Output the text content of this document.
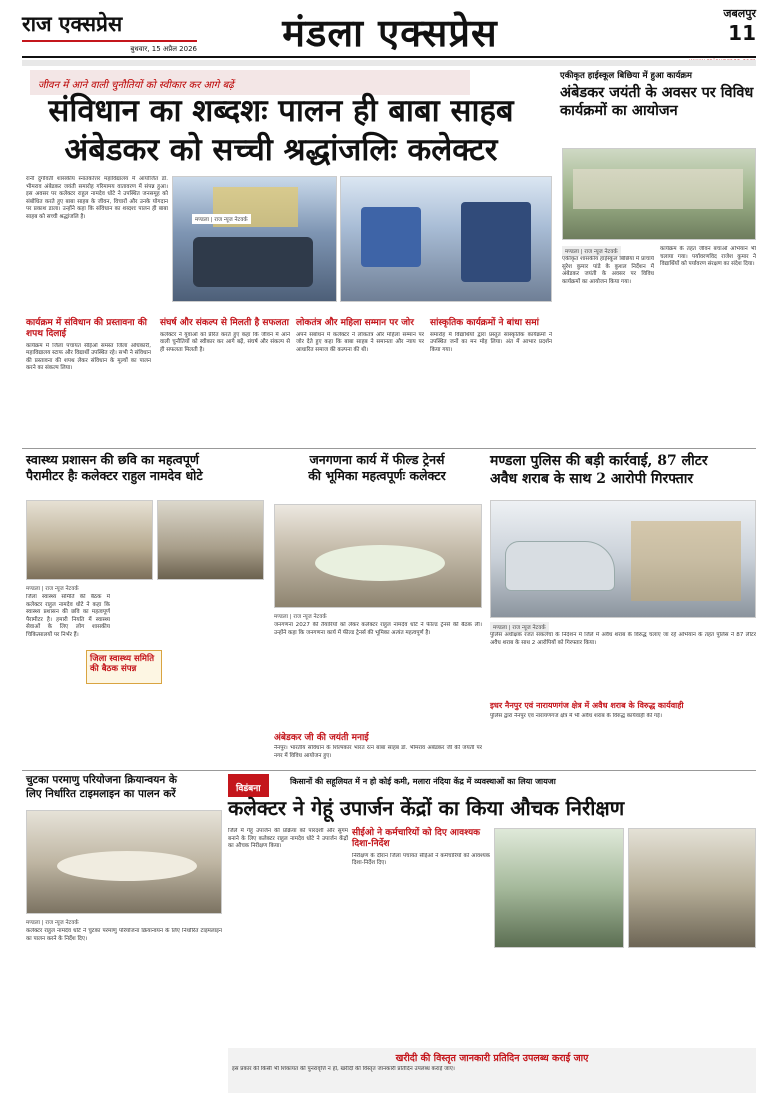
राज एक्सप्रेस
बुधवार, 15 अप्रैल 2026	मंडला एक्सप्रेस	जबलपुर
11
जीवन में आने वाली चुनौतियों को स्वीकार कर आगे बढ़ें
संविधान का शब्दशः पालन ही बाबा साहब
अंबेडकर को सच्ची श्रद्धांजलिः कलेक्टर
रानी दुर्गावती शासकीय स्नातकोत्तर महाविद्यालय में आयोजित डॉ. भीमराव अंबेडकर जयंती समारोह गरिमामय वातावरण में संपन्न हुआ। इस अवसर पर कलेक्टर राहुल नामदेव धोटे ने उपस्थित जनसमूह को संबोधित करते हुए बाबा साहब के जीवन, विचारों और उनके योगदान पर प्रकाश डाला। उन्होंने कहा कि संविधान का शब्दशः पालन ही बाबा साहब को सच्ची श्रद्धांजलि है।
मण्डला | राज न्यूज नेटवर्क
कार्यक्रम में संविधान की प्रस्तावना की शपथ दिलाई
कार्यक्रम में जिला पंचायत सीईओ समस्त जिला अधिकारी, महाविद्यालय स्टाफ और विद्यार्थी उपस्थित रहे। सभी ने संविधान की प्रस्तावना की शपथ लेकर संविधान के मूल्यों का पालन करने का संकल्प लिया।
संघर्ष और संकल्प से मिलती है सफलता
कलेक्टर ने युवाओं को प्रेरित करते हुए कहा कि जीवन में आने वाली चुनौतियों को स्वीकार कर आगे बढ़ें, संघर्ष और संकल्प से ही सफलता मिलती है।
लोकतंत्र और महिला सम्मान पर जोर
अपने संबोधन में कलेक्टर ने लोकतंत्र और महिला सम्मान पर जोर देते हुए कहा कि बाबा साहब ने समानता और न्याय पर आधारित समाज की कल्पना की थी।
सांस्कृतिक कार्यक्रमों ने बांधा समां
समारोह में विद्यार्थियों द्वारा प्रस्तुत सांस्कृतिक कार्यक्रमों ने उपस्थित जनों का मन मोह लिया। अंत में आभार प्रदर्शन किया गया।
एकीकृत हाईस्कूल बिछिया में हुआ कार्यक्रम
अंबेडकर जयंती के अवसर पर विविध कार्यक्रमों का आयोजन
मण्डला | राज न्यूज नेटवर्क
एकीकृत शासकीय हाईस्कूल बिछिया में प्राचार्य सुरेश कुमार पांडे के कुशल निर्देशन में अंबेडकर जयंती के अवसर पर विविध कार्यक्रमों का आयोजन किया गया।
कार्यक्रम के तहत जीवन बचाओ अभियान भी चलाया गया। पर्यावरणविद राजेश कुमार ने विद्यार्थियों को पर्यावरण संरक्षण का संदेश दिया।
स्वास्थ्य प्रशासन की छवि का महत्वपूर्ण
पैरामीटर हैः कलेक्टर राहुल नामदेव धोटे
मण्डला | राज न्यूज नेटवर्क
जिला स्वास्थ्य समिति की बैठक में कलेक्टर राहुल नामदेव धोटे ने कहा कि स्वास्थ्य प्रशासन की छवि का महत्वपूर्ण पैरामीटर है। हमारी नियति में स्वास्थ्य सेवाओं के लिए लोग शासकीय चिकित्सालयों पर निर्भर हैं।
जिला स्वास्थ्य समिति की बैठक संपन्न
जनगणना कार्य में फील्ड ट्रेनर्स
की भूमिका महत्वपूर्णः कलेक्टर
मण्डला | राज न्यूज नेटवर्क
जनगणना 2027 की तैयारियों को लेकर कलेक्टर राहुल नामदेव धोटे ने फील्ड ट्रेनर्स की बैठक ली। उन्होंने कहा कि जनगणना कार्य में फील्ड ट्रेनर्स की भूमिका अत्यंत महत्वपूर्ण है।
अंबेडकर जी की जयंती मनाई
नैनपुर। भारतीय संविधान के शिल्पकार भारत रत्न बाबा साहब डॉ. भीमराव अंबेडकर जी की जयंती पर नगर में विविध आयोजन हुए।
मण्डला पुलिस की बड़ी कार्रवाई, 87 लीटर
अवैध शराब के साथ 2 आरोपी गिरफ्तार
मण्डला | राज न्यूज नेटवर्क
पुलिस अधीक्षक रजत सकलेचा के निर्देशन में जिले में अवैध शराब के विरुद्ध चलाए जा रहे अभियान के तहत पुलिस ने 87 लीटर अवैध शराब के साथ 2 आरोपियों को गिरफ्तार किया।
इधर नैनपुर एवं नारायणगंज क्षेत्र में अवैध शराब के विरुद्ध कार्यवाही
पुलिस द्वारा नैनपुर एवं नारायणगंज क्षेत्र में भी अवैध शराब के विरुद्ध कार्यवाही की गई।
चुटका परमाणु परियोजना क्रियान्वयन के
लिए निर्धारित टाइमलाइन का पालन करें
मण्डला | राज न्यूज नेटवर्क
कलेक्टर राहुल नामदेव धोटे ने चुटका परमाणु परियोजना क्रियान्वयन के लिए निर्धारित टाइमलाइन का पालन करने के निर्देश दिए।
विडंबना
किसानों की सहूलियत में न हो कोई कमी, मलारा नंदिया केंद्र में व्यवस्थाओं का लिया जायजा
कलेक्टर ने गेहूं उपार्जन केंद्रों का किया औचक निरीक्षण
जिले में गेहूं उपार्जन की प्रक्रिया को पारदर्शी और सुगम बनाने के लिए कलेक्टर राहुल नामदेव धोटे ने उपार्जन केंद्रों का औचक निरीक्षण किया।
सीईओ ने कर्मचारियों को दिए आवश्यक दिशा-निर्देश
निरीक्षण के दौरान जिला पंचायत सीईओ ने कर्मचारियों को आवश्यक दिशा-निर्देश दिए।
खरीदी की विस्तृत जानकारी प्रतिदिन उपलब्ध कराई जाए
इस प्रकार की किसी भी शिकायत की पुनरावृत्ति न हो, खरीदी की विस्तृत जानकारी प्रतिदिन उपलब्ध कराई जाए।
